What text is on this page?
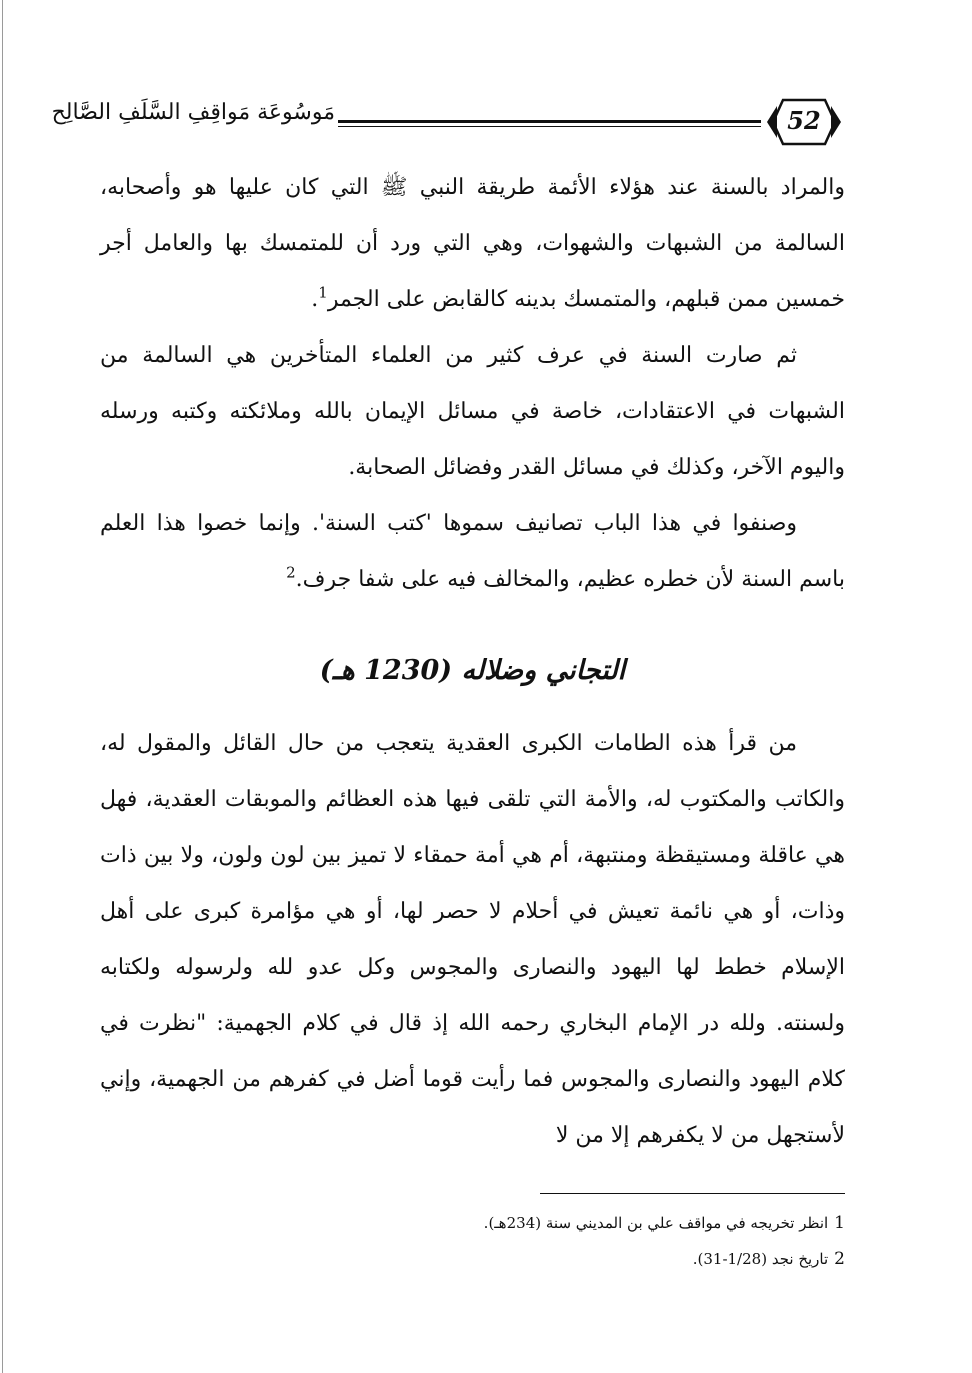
مَوسُوعَة مَواقِفِ السَّلَفِ الصَّالِح	52

والمراد بالسنة عند هؤلاء الأئمة طريقة النبي ﷺ التي كان عليها هو وأصحابه، السالمة من الشبهات والشهوات، وهي التي ورد أن للمتمسك بها والعامل أجر خمسين ممن قبلهم، والمتمسك بدينه كالقابض على الجمر$^1$.

ثم صارت السنة في عرف كثير من العلماء المتأخرين هي السالمة من الشبهات في الاعتقادات، خاصة في مسائل الإيمان بالله وملائكته وكتبه ورسله واليوم الآخر، وكذلك في مسائل القدر وفضائل الصحابة.

وصنفوا في هذا الباب تصانيف سموها 'كتب السنة'. وإنما خصوا هذا العلم باسم السنة لأن خطره عظيم، والمخالف فيه على شفا جرف.$^2$

التجاني وضلاله (1230 هـ)

من قرأ هذه الطامات الكبرى العقدية يتعجب من حال القائل والمقول له، والكاتب والمكتوب له، والأمة التي تلقى فيها هذه العظائم والموبقات العقدية، فهل هي عاقلة ومستيقظة ومنتبهة، أم هي أمة حمقاء لا تميز بين لون ولون، ولا بين ذات وذات، أو هي نائمة تعيش في أحلام لا حصر لها، أو هي مؤامرة كبرى على أهل الإسلام خطط لها اليهود والنصارى والمجوس وكل عدو لله ولرسوله ولكتابه ولسنته. ولله در الإمام البخاري رحمه الله إذ قال في كلام الجهمية: "نظرت في كلام اليهود والنصارى والمجوس فما رأيت قوما أضل في كفرهم من الجهمية، وإني لأستجهل من لا يكفرهم إلا من لا

1انظر تخريجه في مواقف علي بن المديني سنة (234هـ).
2تاريخ نجد (1/28-31).
